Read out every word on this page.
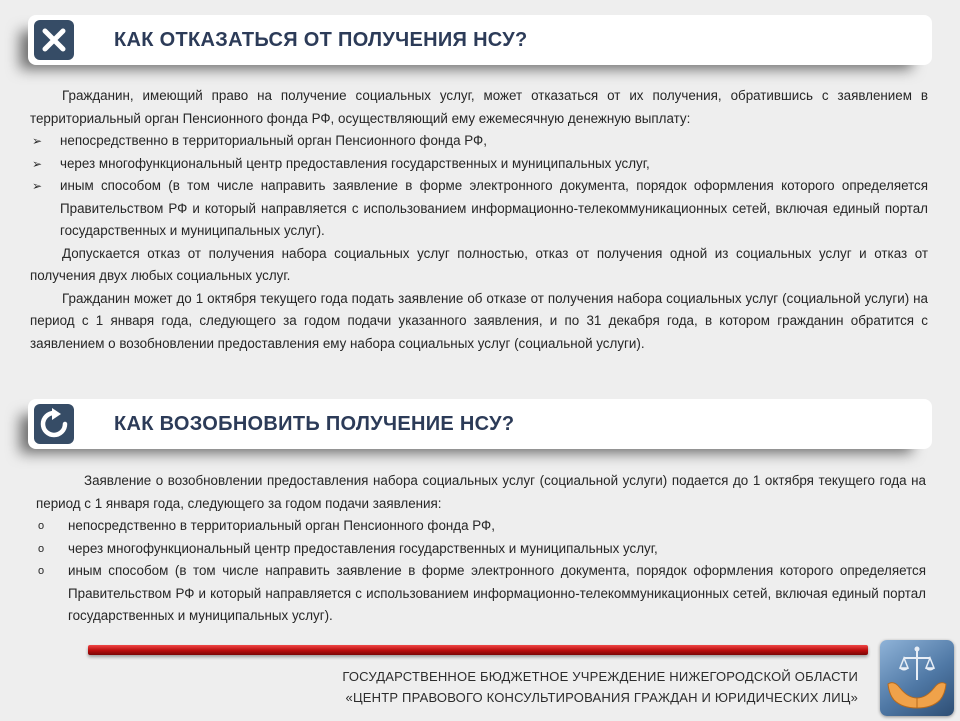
КАК ОТКАЗАТЬСЯ ОТ ПОЛУЧЕНИЯ НСУ?

Гражданин, имеющий право на получение социальных услуг, может отказаться от их получения, обратившись с заявлением в территориальный орган Пенсионного фонда РФ, осуществляющий ему ежемесячную денежную выплату:

➢ непосредственно в территориальный орган Пенсионного фонда РФ,
➢ через многофункциональный центр предоставления государственных и муниципальных услуг,
➢ иным способом (в том числе направить заявление в форме электронного документа, порядок оформления которого определяется Правительством РФ и который направляется с использованием информационно-телекоммуникационных сетей, включая единый портал государственных и муниципальных услуг).

Допускается отказ от получения набора социальных услуг полностью, отказ от получения одной из социальных услуг и отказ от получения двух любых социальных услуг.

Гражданин может до 1 октября текущего года подать заявление об отказе от получения набора социальных услуг (социальной услуги) на период с 1 января года, следующего за годом подачи указанного заявления, и по 31 декабря года, в котором гражданин обратится с заявлением о возобновлении предоставления ему набора социальных услуг (социальной услуги).

КАК ВОЗОБНОВИТЬ ПОЛУЧЕНИЕ НСУ?

Заявление о возобновлении предоставления набора социальных услуг (социальной услуги) подается до 1 октября текущего года на период с 1 января года, следующего за годом подачи заявления:

o непосредственно в территориальный орган Пенсионного фонда РФ,
o через многофункциональный центр предоставления государственных и муниципальных услуг,
o иным способом (в том числе направить заявление в форме электронного документа, порядок оформления которого определяется Правительством РФ и который направляется с использованием информационно-телекоммуникационных сетей, включая единый портал государственных и муниципальных услуг).
ГОСУДАРСТВЕННОЕ БЮДЖЕТНОЕ УЧРЕЖДЕНИЕ НИЖЕГОРОДСКОЙ ОБЛАСТИ
«ЦЕНТР ПРАВОВОГО КОНСУЛЬТИРОВАНИЯ ГРАЖДАН И ЮРИДИЧЕСКИХ ЛИЦ»
